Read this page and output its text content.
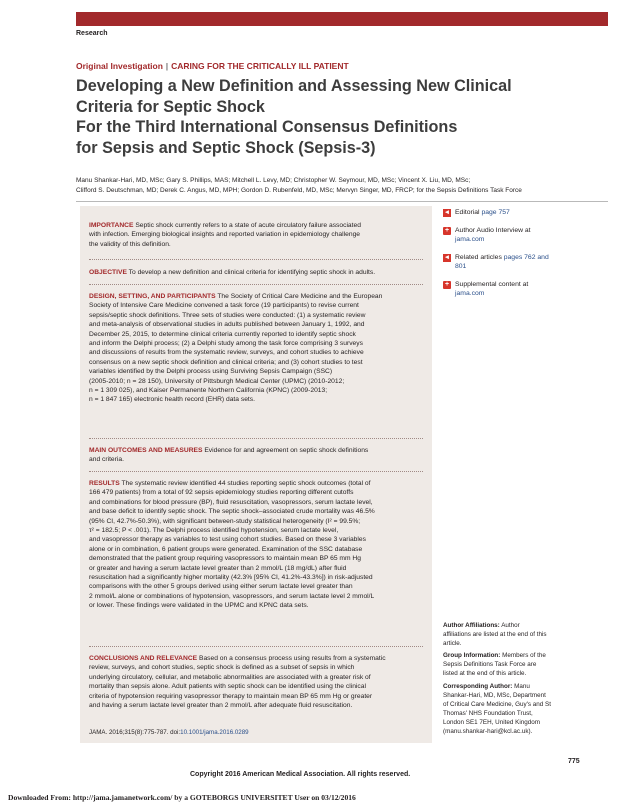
Research
Original Investigation | CARING FOR THE CRITICALLY ILL PATIENT
Developing a New Definition and Assessing New Clinical
Criteria for Septic Shock
For the Third International Consensus Definitions
for Sepsis and Septic Shock (Sepsis-3)
Manu Shankar-Hari, MD, MSc; Gary S. Phillips, MAS; Mitchell L. Levy, MD; Christopher W. Seymour, MD, MSc; Vincent X. Liu, MD, MSc;
Clifford S. Deutschman, MD; Derek C. Angus, MD, MPH; Gordon D. Rubenfeld, MD, MSc; Mervyn Singer, MD, FRCP; for the Sepsis Definitions Task Force
IMPORTANCE Septic shock currently refers to a state of acute circulatory failure associated
with infection. Emerging biological insights and reported variation in epidemiology challenge
the validity of this definition.
OBJECTIVE To develop a new definition and clinical criteria for identifying septic shock in adults.
DESIGN, SETTING, AND PARTICIPANTS The Society of Critical Care Medicine and the European
Society of Intensive Care Medicine convened a task force (19 participants) to revise current
sepsis/septic shock definitions. Three sets of studies were conducted: (1) a systematic review
and meta-analysis of observational studies in adults published between January 1, 1992, and
December 25, 2015, to determine clinical criteria currently reported to identify septic shock
and inform the Delphi process; (2) a Delphi study among the task force comprising 3 surveys
and discussions of results from the systematic review, surveys, and cohort studies to achieve
consensus on a new septic shock definition and clinical criteria; and (3) cohort studies to test
variables identified by the Delphi process using Surviving Sepsis Campaign (SSC)
(2005-2010; n = 28 150), University of Pittsburgh Medical Center (UPMC) (2010-2012;
n = 1 309 025), and Kaiser Permanente Northern California (KPNC) (2009-2013;
n = 1 847 165) electronic health record (EHR) data sets.
MAIN OUTCOMES AND MEASURES Evidence for and agreement on septic shock definitions
and criteria.
RESULTS The systematic review identified 44 studies reporting septic shock outcomes (total of
166 479 patients) from a total of 92 sepsis epidemiology studies reporting different cutoffs
and combinations for blood pressure (BP), fluid resuscitation, vasopressors, serum lactate level,
and base deficit to identify septic shock. The septic shock–associated crude mortality was 46.5%
(95% CI, 42.7%-50.3%), with significant between-study statistical heterogeneity (I² = 99.5%;
τ² = 182.5; P < .001). The Delphi process identified hypotension, serum lactate level,
and vasopressor therapy as variables to test using cohort studies. Based on these 3 variables
alone or in combination, 6 patient groups were generated. Examination of the SSC database
demonstrated that the patient group requiring vasopressors to maintain mean BP 65 mm Hg
or greater and having a serum lactate level greater than 2 mmol/L (18 mg/dL) after fluid
resuscitation had a significantly higher mortality (42.3% [95% CI, 41.2%-43.3%]) in risk-adjusted
comparisons with the other 5 groups derived using either serum lactate level greater than
2 mmol/L alone or combinations of hypotension, vasopressors, and serum lactate level 2 mmol/L
or lower. These findings were validated in the UPMC and KPNC data sets.
CONCLUSIONS AND RELEVANCE Based on a consensus process using results from a systematic
review, surveys, and cohort studies, septic shock is defined as a subset of sepsis in which
underlying circulatory, cellular, and metabolic abnormalities are associated with a greater risk of
mortality than sepsis alone. Adult patients with septic shock can be identified using the clinical
criteria of hypotension requiring vasopressor therapy to maintain mean BP 65 mm Hg or greater
and having a serum lactate level greater than 2 mmol/L after adequate fluid resuscitation.
JAMA. 2016;315(8):775-787. doi:10.1001/jama.2016.0289
◂ Editorial page 757
+ Author Audio Interview at
jama.com
◂ Related articles pages 762 and
801
+ Supplemental content at
jama.com
Author Affiliations: Author
affiliations are listed at the end of this
article.
Group Information: Members of the
Sepsis Definitions Task Force are
listed at the end of this article.
Corresponding Author: Manu
Shankar-Hari, MD, MSc, Department
of Critical Care Medicine, Guy's and St
Thomas' NHS Foundation Trust,
London SE1 7EH, United Kingdom
(manu.shankar-hari@kcl.ac.uk).
775
Copyright 2016 American Medical Association. All rights reserved.
Downloaded From: http://jama.jamanetwork.com/ by a GOTEBORGS UNIVERSITET User on 03/12/2016
